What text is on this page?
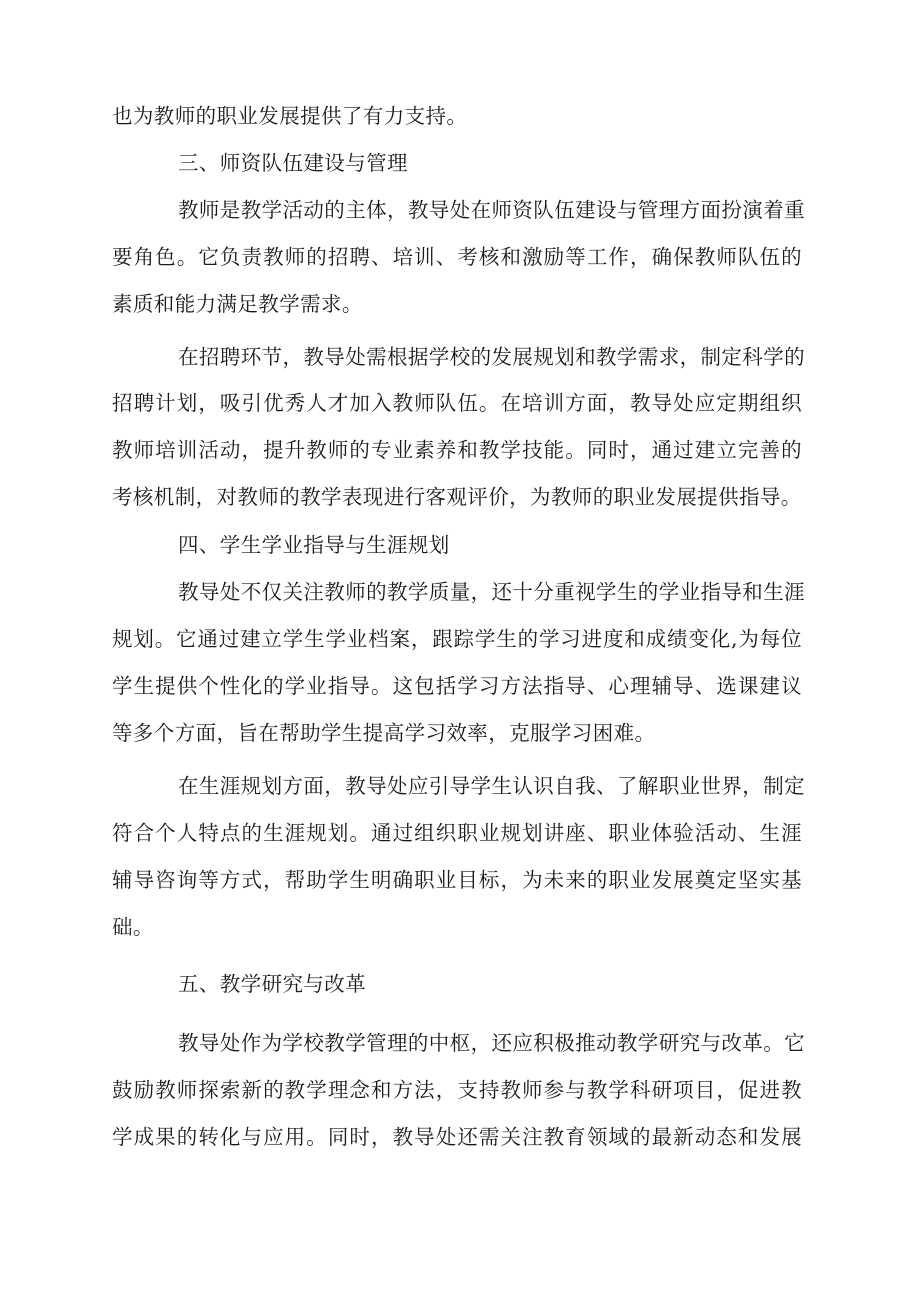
也为教师的职业发展提供了有力支持。
三、师资队伍建设与管理
教师是教学活动的主体，教导处在师资队伍建设与管理方面扮演着重
要角色。它负责教师的招聘、培训、考核和激励等工作，确保教师队伍的
素质和能力满足教学需求。
在招聘环节，教导处需根据学校的发展规划和教学需求，制定科学的
招聘计划，吸引优秀人才加入教师队伍。在培训方面，教导处应定期组织
教师培训活动，提升教师的专业素养和教学技能。同时，通过建立完善的
考核机制，对教师的教学表现进行客观评价，为教师的职业发展提供指导。
四、学生学业指导与生涯规划
教导处不仅关注教师的教学质量，还十分重视学生的学业指导和生涯
规划。它通过建立学生学业档案，跟踪学生的学习进度和成绩变化,为每位
学生提供个性化的学业指导。这包括学习方法指导、心理辅导、选课建议
等多个方面，旨在帮助学生提高学习效率，克服学习困难。
在生涯规划方面，教导处应引导学生认识自我、了解职业世界，制定
符合个人特点的生涯规划。通过组织职业规划讲座、职业体验活动、生涯
辅导咨询等方式，帮助学生明确职业目标，为未来的职业发展奠定坚实基
础。
五、教学研究与改革
教导处作为学校教学管理的中枢，还应积极推动教学研究与改革。它
鼓励教师探索新的教学理念和方法，支持教师参与教学科研项目，促进教
学成果的转化与应用。同时，教导处还需关注教育领域的最新动态和发展
